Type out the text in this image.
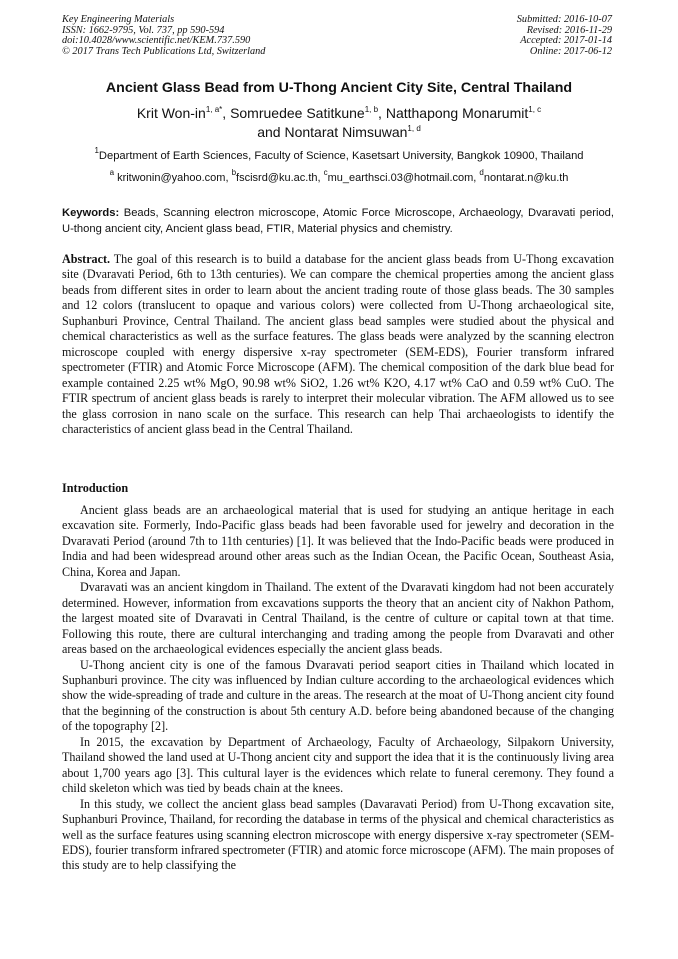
Key Engineering Materials
ISSN: 1662-9795, Vol. 737, pp 590-594
doi:10.4028/www.scientific.net/KEM.737.590
© 2017 Trans Tech Publications Ltd, Switzerland
Submitted: 2016-10-07
Revised: 2016-11-29
Accepted: 2017-01-14
Online: 2017-06-12
Ancient Glass Bead from U-Thong Ancient City Site, Central Thailand
Krit Won-$in^{1, a*}$, Somruedee Satitkune$^{1, b}$, Natthapong Monarumit$^{1, c}$
and Nontarat Nimsuwan$^{1, d}$
$^1$Department of Earth Sciences, Faculty of Science, Kasetsart University, Bangkok 10900, Thailand
$^a$ kritwonin@yahoo.com, $^b$fscisrd@ku.ac.th, $^c$mu_earthsci.03@hotmail.com, $^d$nontarat.n@ku.th
Keywords: Beads, Scanning electron microscope, Atomic Force Microscope, Archaeology, Dvaravati period, U-thong ancient city, Ancient glass bead, FTIR, Material physics and chemistry.
Abstract. The goal of this research is to build a database for the ancient glass beads from U-Thong excavation site (Dvaravati Period, 6th to 13th centuries). We can compare the chemical properties among the ancient glass beads from different sites in order to learn about the ancient trading route of those glass beads. The 30 samples and 12 colors (translucent to opaque and various colors) were collected from U-Thong archaeological site, Suphanburi Province, Central Thailand. The ancient glass bead samples were studied about the physical and chemical characteristics as well as the surface features. The glass beads were analyzed by the scanning electron microscope coupled with energy dispersive x-ray spectrometer (SEM-EDS), Fourier transform infrared spectrometer (FTIR) and Atomic Force Microscope (AFM). The chemical composition of the dark blue bead for example contained 2.25 wt% MgO, 90.98 wt% SiO2, 1.26 wt% K2O, 4.17 wt% CaO and 0.59 wt% CuO. The FTIR spectrum of ancient glass beads is rarely to interpret their molecular vibration. The AFM allowed us to see the glass corrosion in nano scale on the surface. This research can help Thai archaeologists to identify the characteristics of ancient glass bead in the Central Thailand.
Introduction

Ancient glass beads are an archaeological material that is used for studying an antique heritage in each excavation site. Formerly, Indo-Pacific glass beads had been favorable used for jewelry and decoration in the Dvaravati Period (around 7th to 11th centuries) [1]. It was believed that the Indo-Pacific beads were produced in India and had been widespread around other areas such as the Indian Ocean, the Pacific Ocean, Southeast Asia, China, Korea and Japan.

Dvaravati was an ancient kingdom in Thailand. The extent of the Dvaravati kingdom had not been accurately determined. However, information from excavations supports the theory that an ancient city of Nakhon Pathom, the largest moated site of Dvaravati in Central Thailand, is the centre of culture or capital town at that time. Following this route, there are cultural interchanging and trading among the people from Dvaravati and other areas based on the archaeological evidences especially the ancient glass beads.

U-Thong ancient city is one of the famous Dvaravati period seaport cities in Thailand which located in Suphanburi province. The city was influenced by Indian culture according to the archaeological evidences which show the wide-spreading of trade and culture in the areas. The research at the moat of U-Thong ancient city found that the beginning of the construction is about 5th century A.D. before being abandoned because of the changing of the topography [2].

In 2015, the excavation by Department of Archaeology, Faculty of Archaeology, Silpakorn University, Thailand showed the land used at U-Thong ancient city and support the idea that it is the continuously living area about 1,700 years ago [3]. This cultural layer is the evidences which relate to funeral ceremony. They found a child skeleton which was tied by beads chain at the knees.

In this study, we collect the ancient glass bead samples (Davaravati Period) from U-Thong excavation site, Suphanburi Province, Thailand, for recording the database in terms of the physical and chemical characteristics as well as the surface features using scanning electron microscope with energy dispersive x-ray spectrometer (SEM-EDS), fourier transform infrared spectrometer (FTIR) and atomic force microscope (AFM). The main proposes of this study are to help classifying the
